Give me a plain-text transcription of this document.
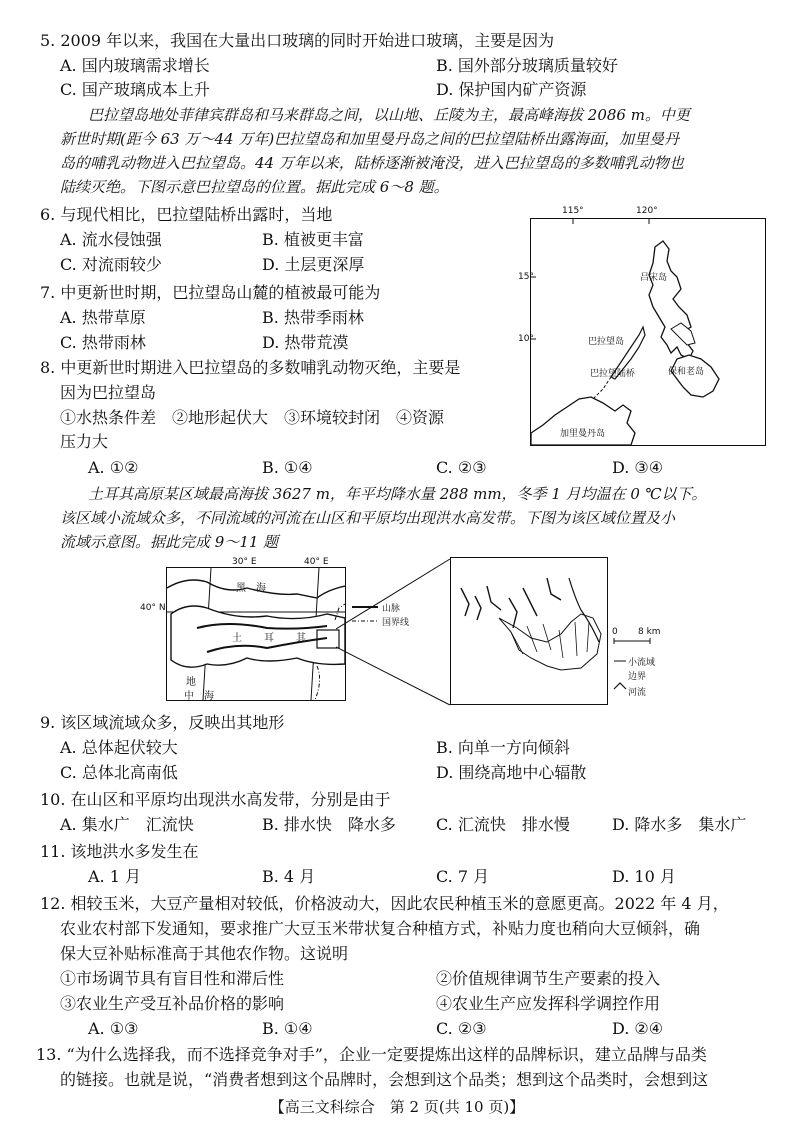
5. 2009 年以来，我国在大量出口玻璃的同时开始进口玻璃，主要是因为
A. 国内玻璃需求增长	B. 国外部分玻璃质量较好
C. 国产玻璃成本上升	D. 保护国内矿产资源
巴拉望岛地处菲律宾群岛和马来群岛之间，以山地、丘陵为主，最高峰海拔 2086 m。中更
新世时期(距今 63 万～44 万年)巴拉望岛和加里曼丹岛之间的巴拉望陆桥出露海面，加里曼丹
岛的哺乳动物进入巴拉望岛。44 万年以来，陆桥逐渐被淹没，进入巴拉望岛的多数哺乳动物也
陆续灭绝。下图示意巴拉望岛的位置。据此完成 6～8 题。
6. 与现代相比，巴拉望陆桥出露时，当地
A. 流水侵蚀强	B. 植被更丰富
C. 对流雨较少	D. 土层更深厚
7. 中更新世时期，巴拉望岛山麓的植被最可能为
A. 热带草原	B. 热带季雨林
C. 热带雨林	D. 热带荒漠
8. 中更新世时期进入巴拉望岛的多数哺乳动物灭绝，主要是
因为巴拉望岛
①水热条件差　②地形起伏大　③环境较封闭　④资源
压力大
A. ①②	B. ①④	C. ②③	D. ③④
115°	120°
15°
10°
吕宋岛
巴拉望岛
巴拉望陆桥	保和老岛
加里曼丹岛
土耳其高原某区域最高海拔 3627 m，年平均降水量 288 mm，冬季 1 月均温在 0 ℃以下。
该区域小流域众多，不同流域的河流在山区和平原均出现洪水高发带。下图为该区域位置及小
流域示意图。据此完成 9～11 题
30° E	40° E
40° N
黑　海
土 耳 其
地
中　海
山脉
国界线
0 8 km
小流域
边界
河流
9. 该区域流域众多，反映出其地形
A. 总体起伏较大	B. 向单一方向倾斜
C. 总体北高南低	D. 围绕高地中心辐散
10. 在山区和平原均出现洪水高发带，分别是由于
A. 集水广　汇流快	B. 排水快　降水多	C. 汇流快　排水慢	D. 降水多　集水广
11. 该地洪水多发生在
A. 1 月	B. 4 月	C. 7 月	D. 10 月
12. 相较玉米，大豆产量相对较低，价格波动大，因此农民种植玉米的意愿更高。2022 年 4 月，
农业农村部下发通知，要求推广大豆玉米带状复合种植方式，补贴力度也稍向大豆倾斜，确
保大豆补贴标准高于其他农作物。这说明
①市场调节具有盲目性和滞后性	②价值规律调节生产要素的投入
③农业生产受互补品价格的影响	④农业生产应发挥科学调控作用
A. ①③	B. ①④	C. ②③	D. ②④
13. “为什么选择我，而不选择竞争对手”，企业一定要提炼出这样的品牌标识，建立品牌与品类
的链接。也就是说，“消费者想到这个品牌时，会想到这个品类；想到这个品类时，会想到这
【高三文科综合　第 2 页(共 10 页)】
